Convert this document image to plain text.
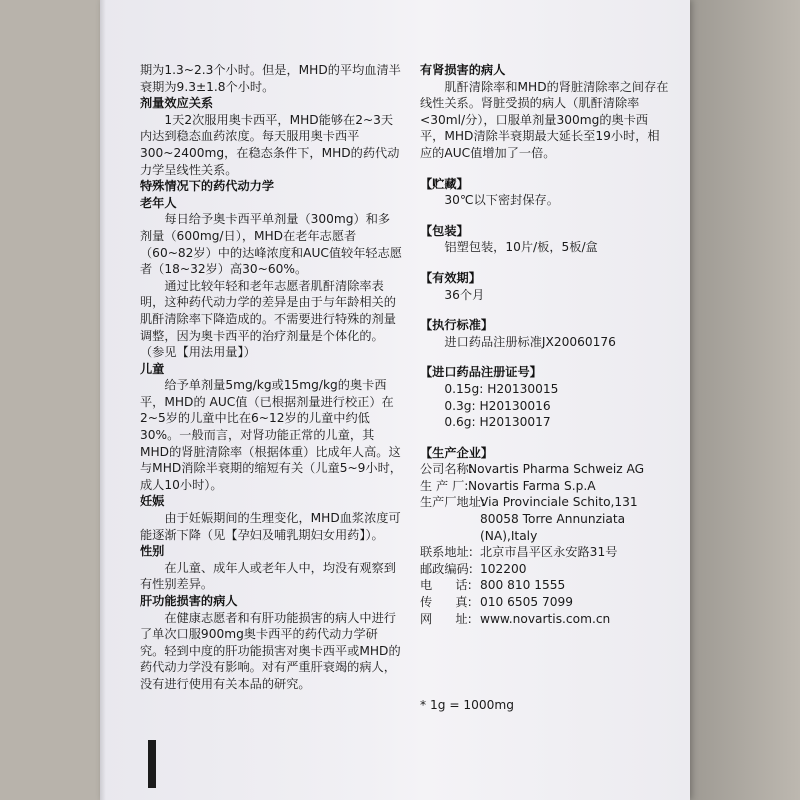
期为1.3~2.3个小时。但是，MHD的平均血清半衰期为9.3±1.8个小时。

剂量效应关系

1天2次服用奥卡西平，MHD能够在2~3天内达到稳态血药浓度。每天服用奥卡西平300~2400mg，在稳态条件下，MHD的药代动力学呈线性关系。

特殊情况下的药代动力学

老年人

每日给予奥卡西平单剂量（300mg）和多剂量（600mg/日），MHD在老年志愿者（60~82岁）中的达峰浓度和AUC值较年轻志愿者（18~32岁）高30~60%。

通过比较年轻和老年志愿者肌酐清除率表明，这种药代动力学的差异是由于与年龄相关的肌酐清除率下降造成的。不需要进行特殊的剂量调整，因为奥卡西平的治疗剂量是个体化的。（参见【用法用量】）

儿童

给予单剂量5mg/kg或15mg/kg的奥卡西平，MHD的 AUC值（已根据剂量进行校正）在2~5岁的儿童中比在6~12岁的儿童中约低30%。一般而言，对肾功能正常的儿童，其MHD的肾脏清除率（根据体重）比成年人高。这与MHD消除半衰期的缩短有关（儿童5~9小时，成人10小时）。

妊娠

由于妊娠期间的生理变化，MHD血浆浓度可能逐渐下降（见【孕妇及哺乳期妇女用药】）。

性别

在儿童、成年人或老年人中，均没有观察到有性别差异。

肝功能损害的病人

在健康志愿者和有肝功能损害的病人中进行了单次口服900mg奥卡西平的药代动力学研究。轻到中度的肝功能损害对奥卡西平或MHD的药代动力学没有影响。对有严重肝衰竭的病人，没有进行使用有关本品的研究。

有肾损害的病人

肌酐清除率和MHD的肾脏清除率之间存在线性关系。肾脏受损的病人（肌酐清除率<30ml/分），口服单剂量300mg的奥卡西平，MHD清除半衰期最大延长至19小时，相应的AUC值增加了一倍。

【贮藏】

30℃以下密封保存。

【包装】

铝塑包装，10片/板，5板/盒

【有效期】

36个月

【执行标准】

进口药品注册标准JX20060176

【进口药品注册证号】

0.15g: H20130015

0.3g: H20130016

0.6g: H20130017

【生产企业】

公司名称:
Novartis Pharma Schweiz AG
生 产 厂: Novartis Farma S.p.A
生产厂地址:
Via Provinciale Schito,131
80058 Torre Annunziata
(NA),Italy
联系地址: 北京市昌平区永安路31号
邮政编码: 102200
电      话: 800 810 1555
传      真: 010 6505 7099
网      址: www.novartis.com.cn

* 1g = 1000mg
